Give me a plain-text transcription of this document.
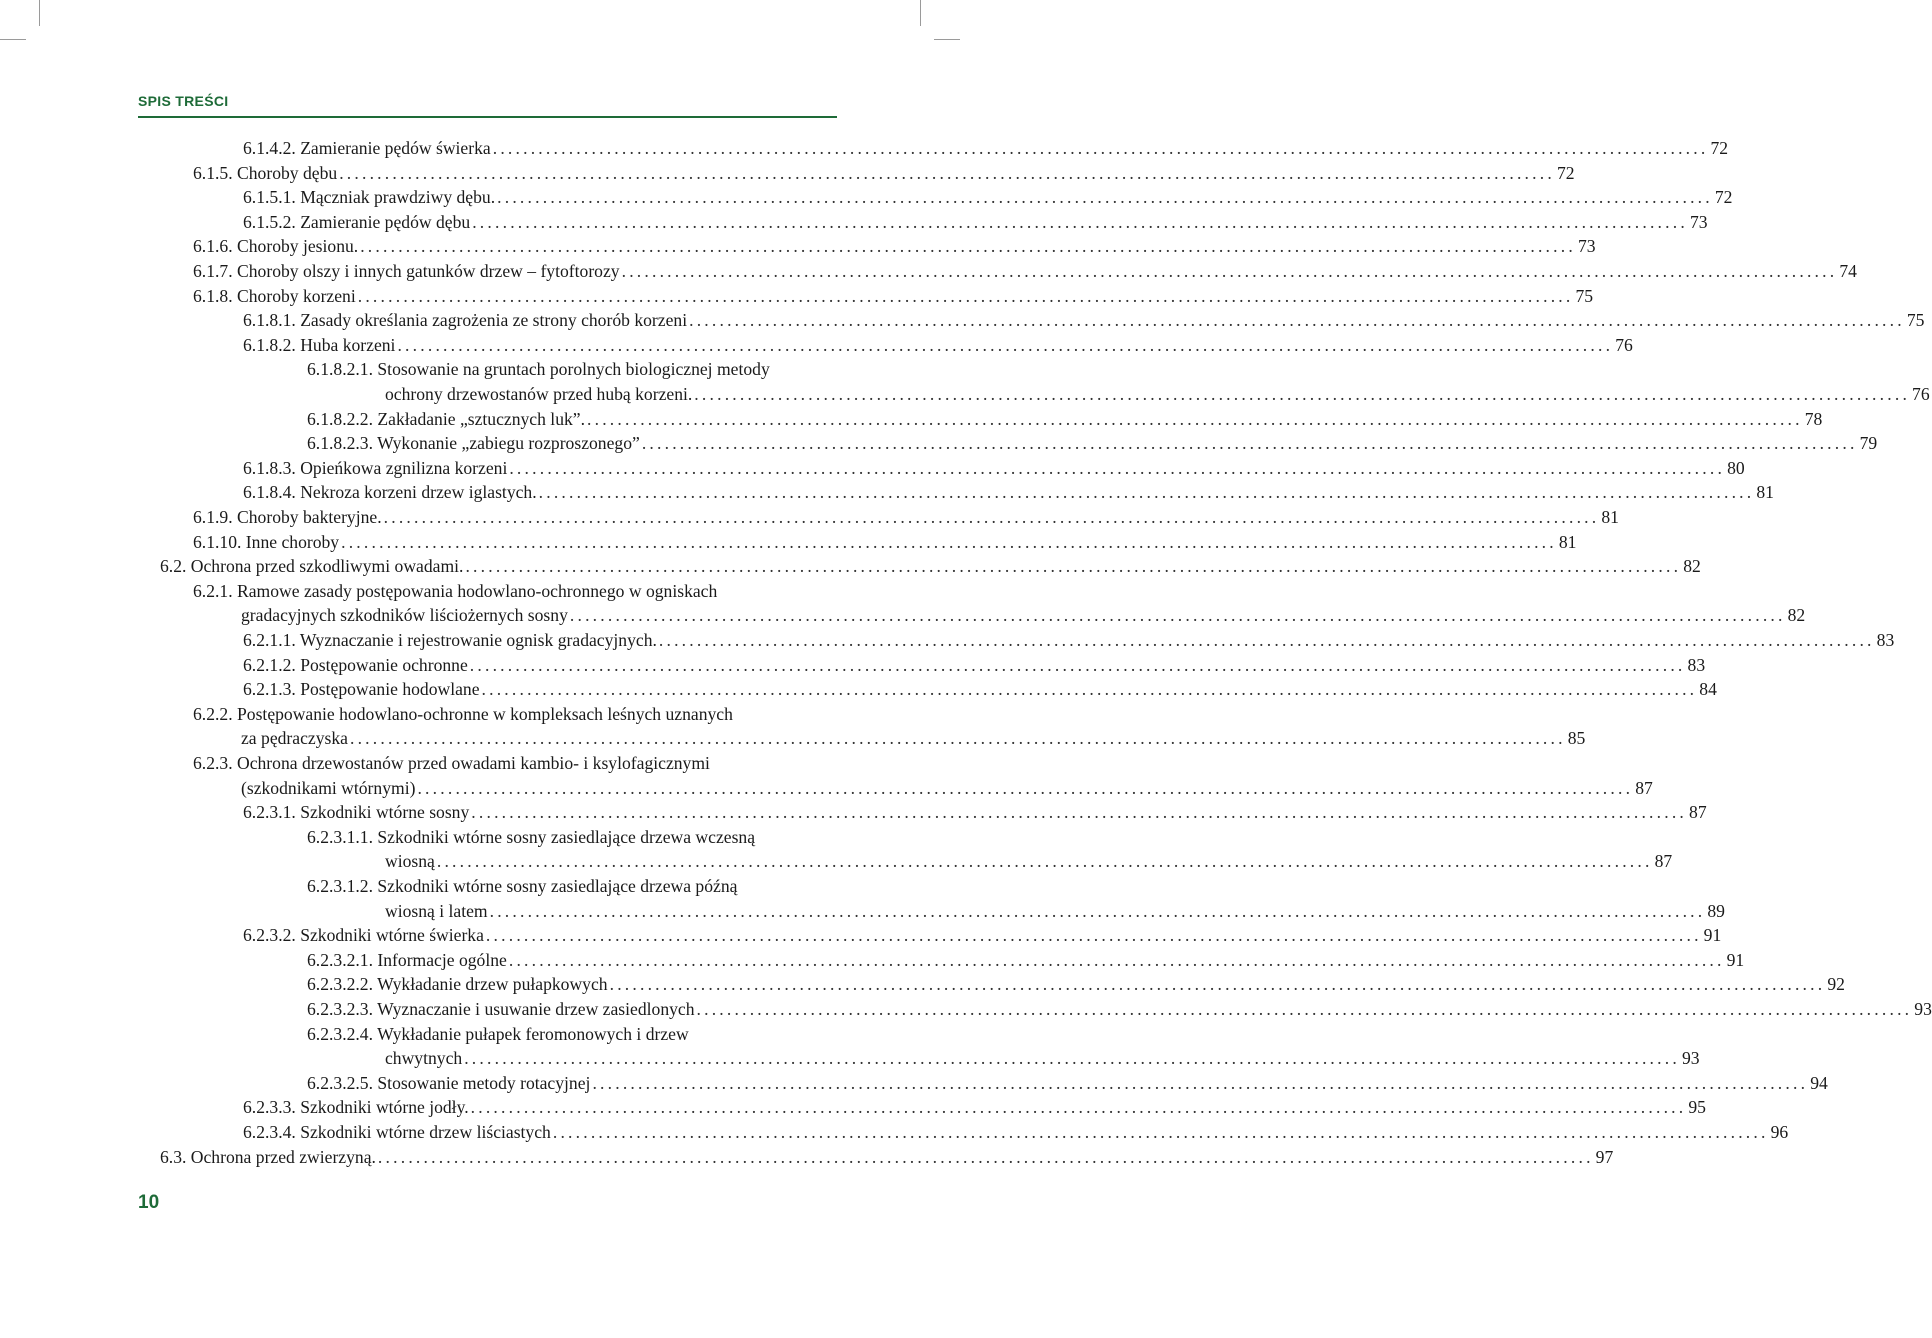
SPIS TREŚCI
6.1.4.2. Zamieranie pędów świerka ................................................................................................................................................................ 72
6.1.5. Choroby dębu ................................................................................................................................................................ 72
6.1.5.1. Mączniak prawdziwy dębu. ................................................................................................................................................................ 72
6.1.5.2. Zamieranie pędów dębu ................................................................................................................................................................ 73
6.1.6. Choroby jesionu. ................................................................................................................................................................ 73
6.1.7. Choroby olszy i innych gatunków drzew – fytoftorozy ................................................................................................................................................................ 74
6.1.8. Choroby korzeni ................................................................................................................................................................ 75
6.1.8.1. Zasady określania zagrożenia ze strony chorób korzeni ................................................................................................................................................................ 75
6.1.8.2. Huba korzeni ................................................................................................................................................................ 76
6.1.8.2.1. Stosowanie na gruntach porolnych biologicznej metody
ochrony drzewostanów przed hubą korzeni. ................................................................................................................................................................ 76
6.1.8.2.2. Zakładanie „sztucznych luk”. ................................................................................................................................................................ 78
6.1.8.2.3. Wykonanie „zabiegu rozproszonego” ................................................................................................................................................................ 79
6.1.8.3. Opieńkowa zgnilizna korzeni ................................................................................................................................................................ 80
6.1.8.4. Nekroza korzeni drzew iglastych. ................................................................................................................................................................ 81
6.1.9. Choroby bakteryjne. ................................................................................................................................................................ 81
6.1.10. Inne choroby ................................................................................................................................................................ 81
6.2. Ochrona przed szkodliwymi owadami. ................................................................................................................................................................ 82
6.2.1. Ramowe zasady postępowania hodowlano-ochronnego w ogniskach
gradacyjnych szkodników liściożernych sosny ................................................................................................................................................................ 82
6.2.1.1. Wyznaczanie i rejestrowanie ognisk gradacyjnych. ................................................................................................................................................................ 83
6.2.1.2. Postępowanie ochronne ................................................................................................................................................................ 83
6.2.1.3. Postępowanie hodowlane ................................................................................................................................................................ 84
6.2.2. Postępowanie hodowlano-ochronne w kompleksach leśnych uznanych
za pędraczyska ................................................................................................................................................................ 85
6.2.3. Ochrona drzewostanów przed owadami kambio- i ksylofagicznymi
(szkodnikami wtórnymi) ................................................................................................................................................................ 87
6.2.3.1. Szkodniki wtórne sosny ................................................................................................................................................................ 87
6.2.3.1.1. Szkodniki wtórne sosny zasiedlające drzewa wczesną
wiosną ................................................................................................................................................................ 87
6.2.3.1.2. Szkodniki wtórne sosny zasiedlające drzewa późną
wiosną i latem ................................................................................................................................................................ 89
6.2.3.2. Szkodniki wtórne świerka ................................................................................................................................................................ 91
6.2.3.2.1. Informacje ogólne ................................................................................................................................................................ 91
6.2.3.2.2. Wykładanie drzew pułapkowych ................................................................................................................................................................ 92
6.2.3.2.3. Wyznaczanie i usuwanie drzew zasiedlonych ................................................................................................................................................................ 93
6.2.3.2.4. Wykładanie pułapek feromonowych i drzew
chwytnych ................................................................................................................................................................ 93
6.2.3.2.5. Stosowanie metody rotacyjnej ................................................................................................................................................................ 94
6.2.3.3. Szkodniki wtórne jodły. ................................................................................................................................................................ 95
6.2.3.4. Szkodniki wtórne drzew liściastych ................................................................................................................................................................ 96
6.3. Ochrona przed zwierzyną. ................................................................................................................................................................ 97
10
